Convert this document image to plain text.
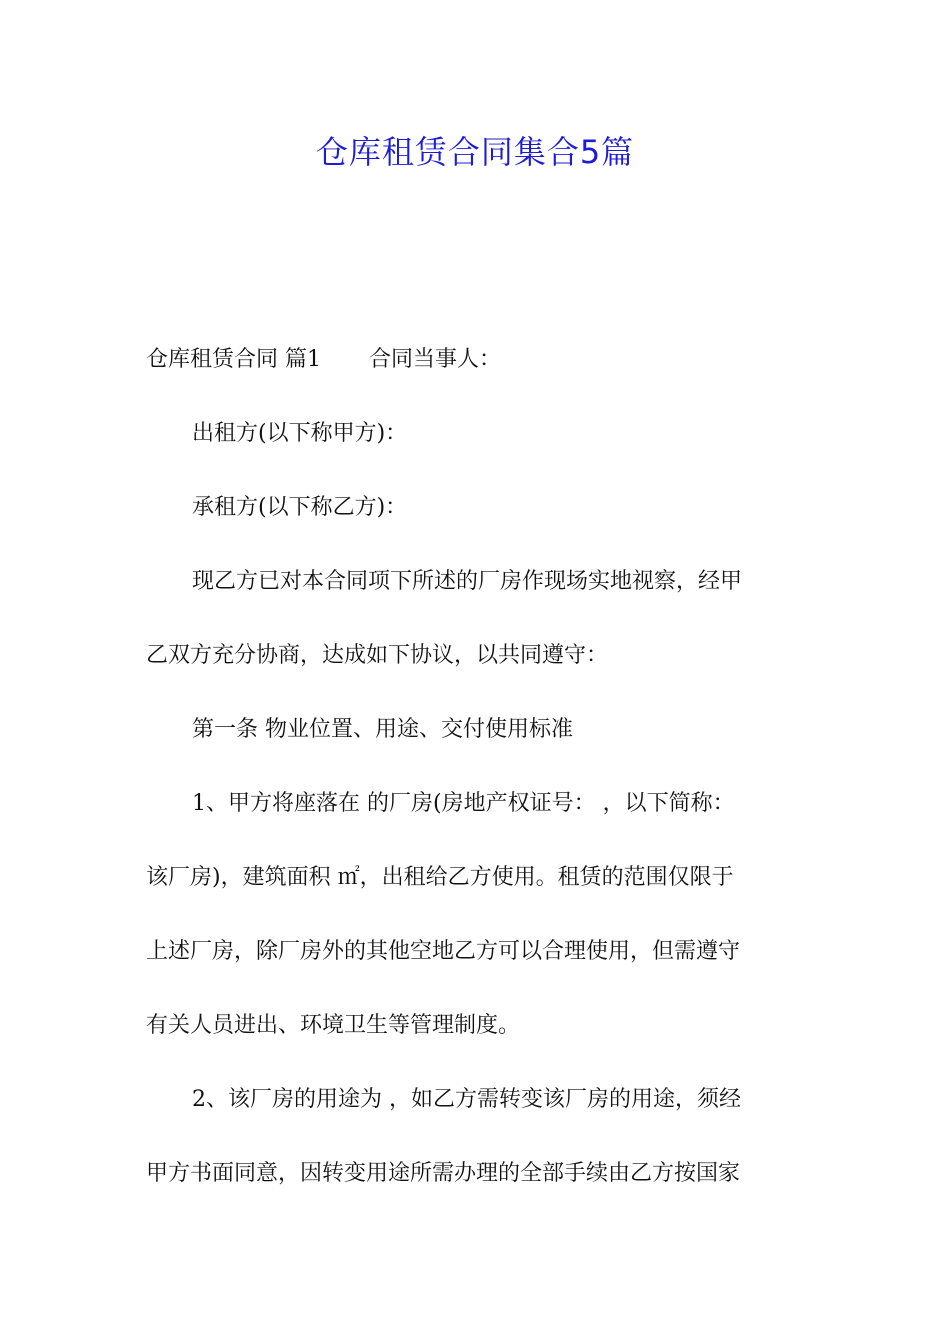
仓库租赁合同集合5篇
仓库租赁合同 篇1 合同当事人：
出租方(以下称甲方)：
承租方(以下称乙方)：
现乙方已对本合同项下所述的厂房作现场实地视察，经甲
乙双方充分协商，达成如下协议，以共同遵守：
第一条 物业位置、用途、交付使用标准
1、甲方将座落在 的厂房(房地产权证号： ，以下简称：
该厂房)，建筑面积 ㎡，出租给乙方使用。租赁的范围仅限于
上述厂房，除厂房外的其他空地乙方可以合理使用，但需遵守
有关人员进出、环境卫生等管理制度。
2、该厂房的用途为 ，如乙方需转变该厂房的用途，须经
甲方书面同意，因转变用途所需办理的全部手续由乙方按国家
